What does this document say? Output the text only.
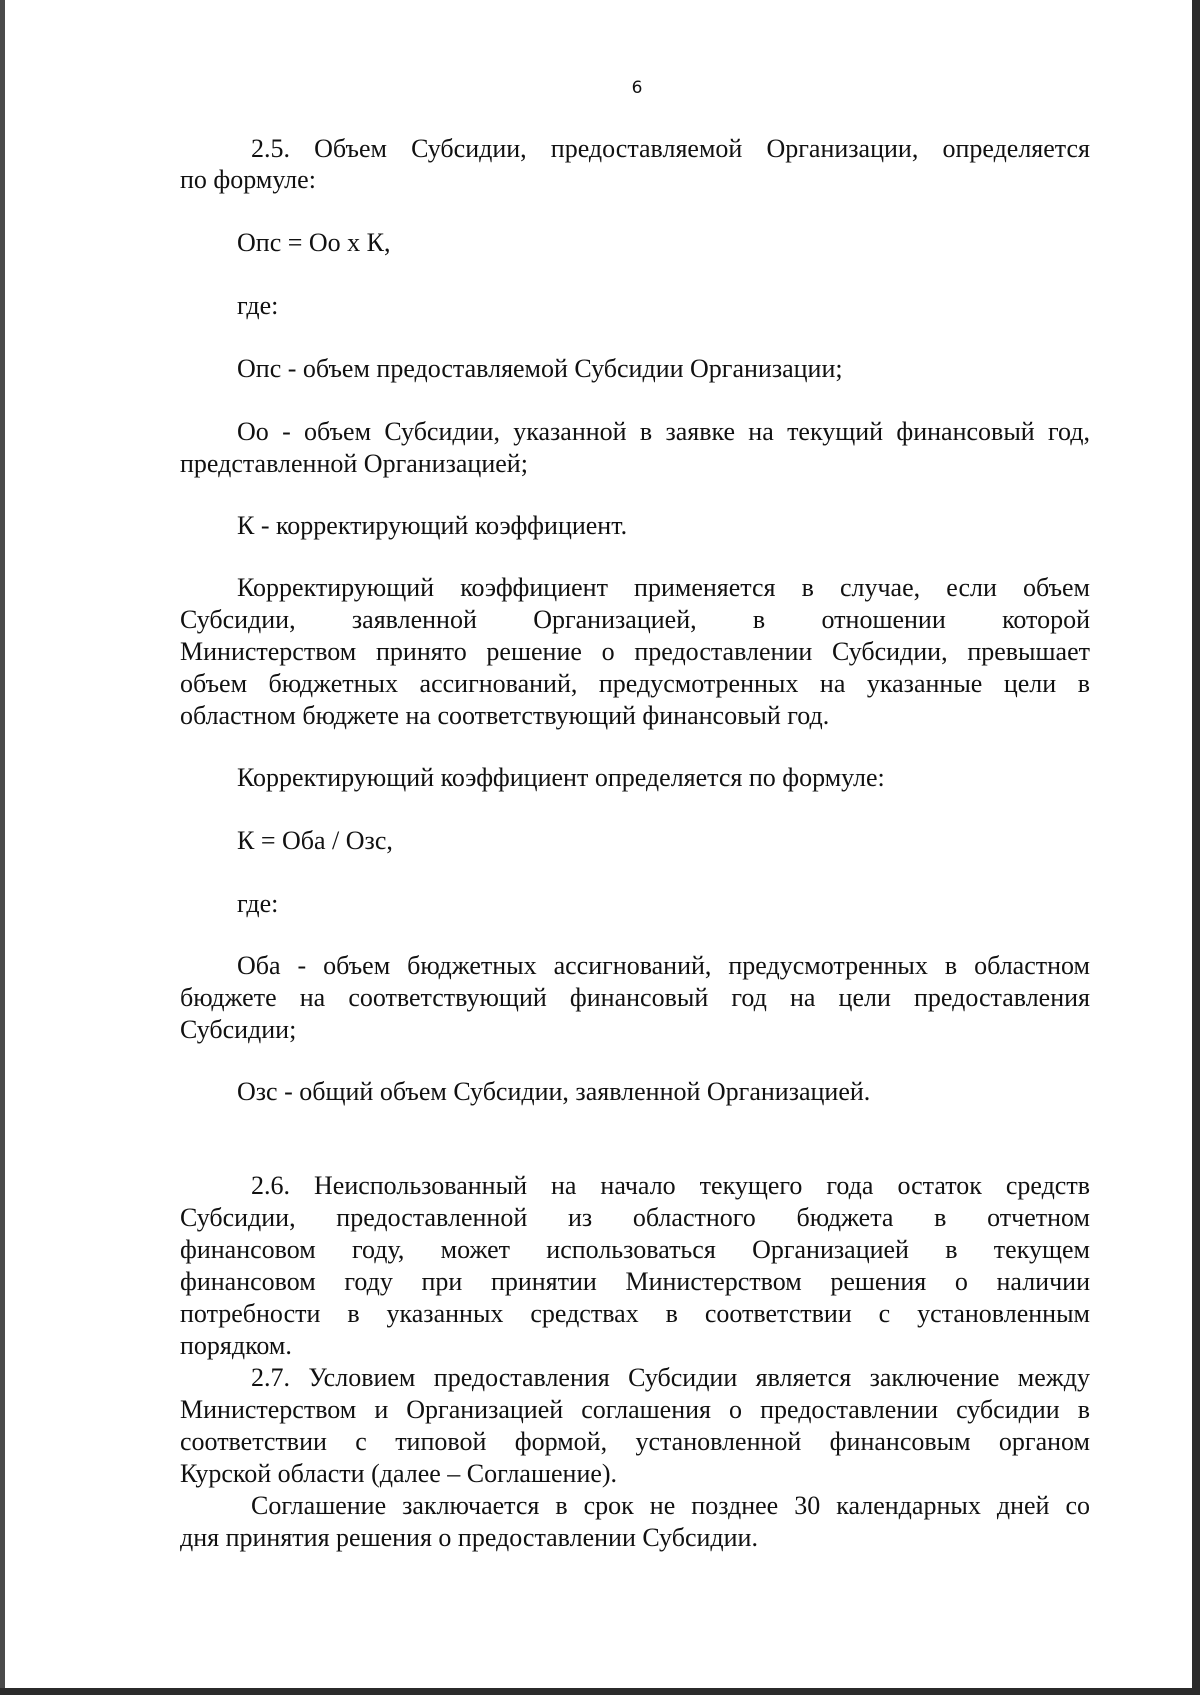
6
2.5. Объем Субсидии, предоставляемой Организации, определяется
по формуле:
Опс = Оо х К,
где:
Опс - объем предоставляемой Субсидии Организации;
Оо - объем Субсидии, указанной в заявке на текущий финансовый год,
представленной Организацией;
К - корректирующий коэффициент.
Корректирующий коэффициент применяется в случае, если объем
Субсидии, заявленной Организацией, в отношении которой
Министерством принято решение о предоставлении Субсидии, превышает
объем бюджетных ассигнований, предусмотренных на указанные цели в
областном бюджете на соответствующий финансовый год.
Корректирующий коэффициент определяется по формуле:
К = Оба / Озс,
где:
Оба - объем бюджетных ассигнований, предусмотренных в областном
бюджете на соответствующий финансовый год на цели предоставления
Субсидии;
Озс - общий объем Субсидии, заявленной Организацией.
2.6. Неиспользованный на начало текущего года остаток средств
Субсидии, предоставленной из областного бюджета в отчетном
финансовом году, может использоваться Организацией в текущем
финансовом году при принятии Министерством решения о наличии
потребности в указанных средствах в соответствии с установленным
порядком.
2.7. Условием предоставления Субсидии является заключение между
Министерством и Организацией соглашения о предоставлении субсидии в
соответствии с типовой формой, установленной финансовым органом
Курской области (далее – Соглашение).
Соглашение заключается в срок не позднее 30 календарных дней со
дня принятия решения о предоставлении Субсидии.
